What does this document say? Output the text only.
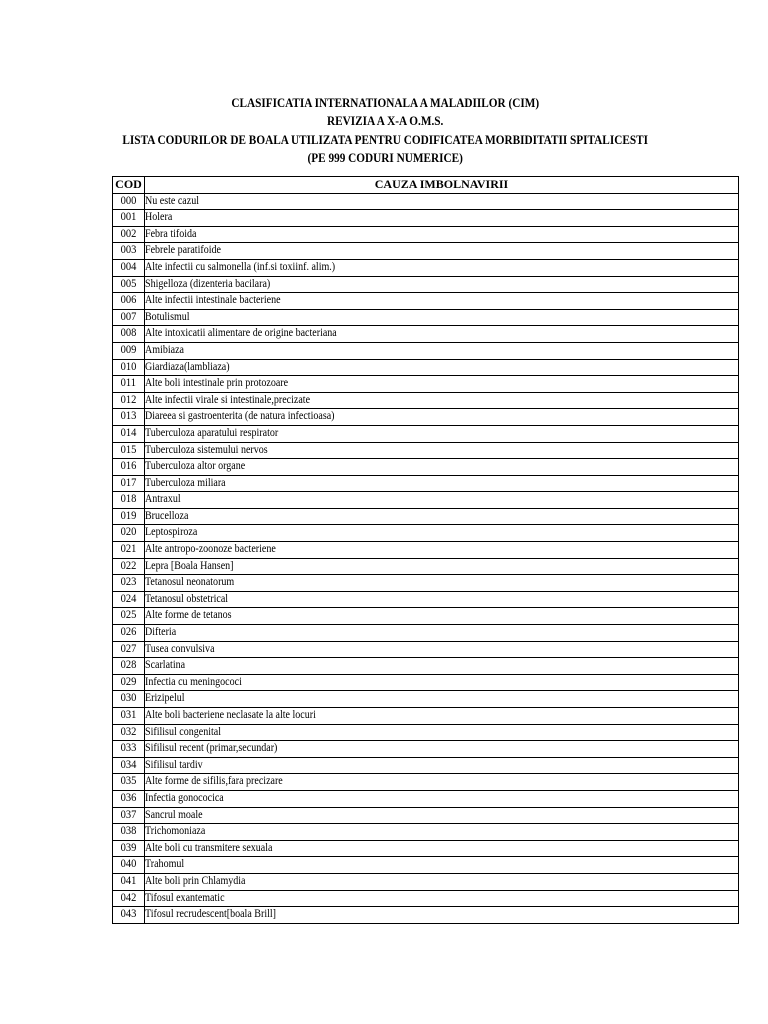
CLASIFICATIA INTERNATIONALA A MALADIILOR (CIM)
REVIZIA A X-A O.M.S.
LISTA CODURILOR DE BOALA UTILIZATA PENTRU CODIFICATEA MORBIDITATII SPITALICESTI
(PE 999 CODURI NUMERICE)
COD	CAUZA IMBOLNAVIRII
000	Nu este cazul
001	Holera
002	Febra tifoida
003	Febrele paratifoide
004	Alte infectii cu salmonella (inf.si toxiinf. alim.)
005	Shigelloza (dizenteria bacilara)
006	Alte infectii intestinale bacteriene
007	Botulismul
008	Alte intoxicatii alimentare de origine bacteriana
009	Amibiaza
010	Giardiaza(lambliaza)
011	Alte boli intestinale prin protozoare
012	Alte infectii virale si intestinale,precizate
013	Diareea si gastroenterita (de natura infectioasa)
014	Tuberculoza aparatului respirator
015	Tuberculoza sistemului nervos
016	Tuberculoza altor organe
017	Tuberculoza miliara
018	Antraxul
019	Brucelloza
020	Leptospiroza
021	Alte antropo-zoonoze bacteriene
022	Lepra [Boala Hansen]
023	Tetanosul neonatorum
024	Tetanosul obstetrical
025	Alte forme de tetanos
026	Difteria
027	Tusea convulsiva
028	Scarlatina
029	Infectia cu meningococi
030	Erizipelul
031	Alte boli bacteriene neclasate la alte locuri
032	Sifilisul congenital
033	Sifilisul recent (primar,secundar)
034	Sifilisul tardiv
035	Alte forme de sifilis,fara precizare
036	Infectia gonococica
037	Sancrul moale
038	Trichomoniaza
039	Alte boli cu transmitere sexuala
040	Trahomul
041	Alte boli prin Chlamydia
042	Tifosul exantematic
043	Tifosul recrudescent[boala Brill]
